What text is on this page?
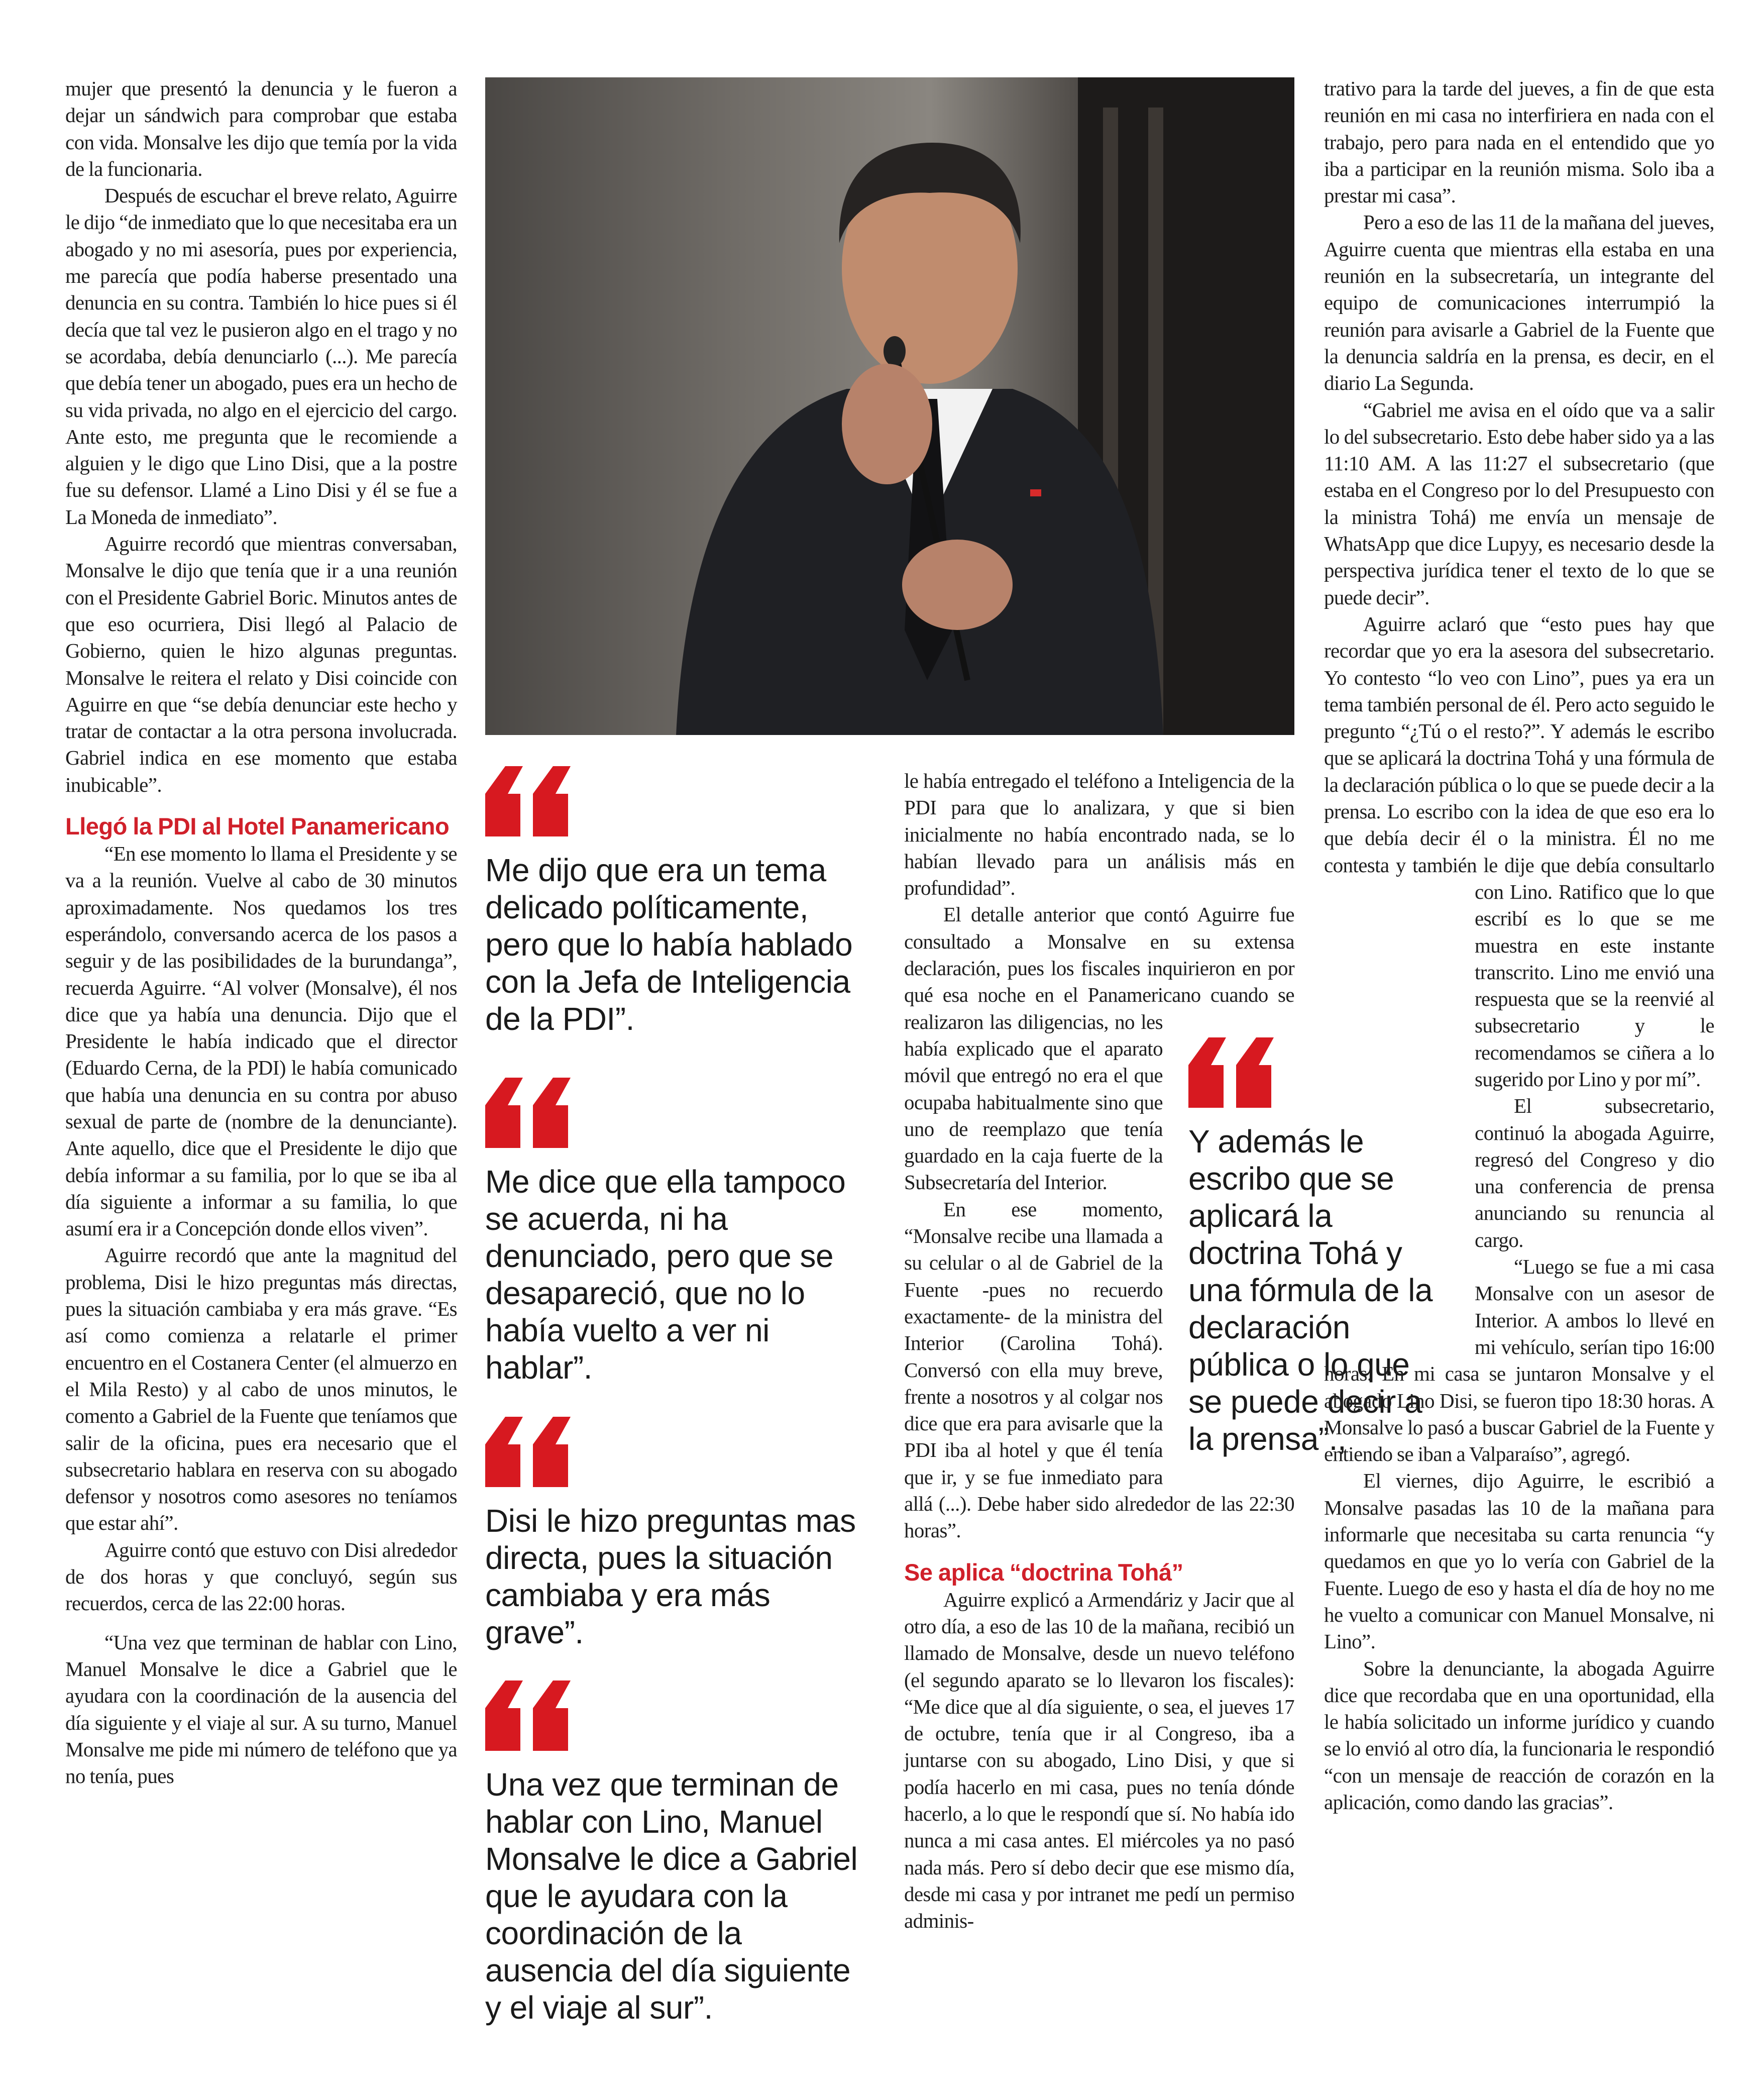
mujer que presentó la denuncia y le fueron a dejar un sándwich para comprobar que estaba con vida. Monsalve les dijo que temía por la vida de la funcionaria.

Después de escuchar el breve relato, Aguirre le dijo “de inmediato que lo que necesitaba era un abogado y no mi asesoría, pues por experiencia, me parecía que podía haberse presentado una denuncia en su contra. También lo hice pues si él decía que tal vez le pusieron algo en el trago y no se acordaba, debía denunciarlo (...). Me parecía que debía tener un abogado, pues era un hecho de su vida privada, no algo en el ejercicio del cargo. Ante esto, me pregunta que le recomiende a alguien y le digo que Lino Disi, que a la postre fue su defensor. Llamé a Lino Disi y él se fue a La Moneda de inmediato”.

Aguirre recordó que mientras conversaban, Monsalve le dijo que tenía que ir a una reunión con el Presidente Gabriel Boric. Minutos antes de que eso ocurriera, Disi llegó al Palacio de Gobierno, quien le hizo algunas preguntas. Monsalve le reitera el relato y Disi coincide con Aguirre en que “se debía denunciar este hecho y tratar de contactar a la otra persona involucrada. Gabriel indica en ese momento que estaba inubicable”.

Llegó la PDI al Hotel Panamericano

“En ese momento lo llama el Presidente y se va a la reunión. Vuelve al cabo de 30 minutos aproximadamente. Nos quedamos los tres esperándolo, conversando acerca de los pasos a seguir y de las posibilidades de la burundanga”, recuerda Aguirre. “Al volver (Monsalve), él nos dice que ya había una denuncia. Dijo que el Presidente le había indicado que el director (Eduardo Cerna, de la PDI) le había comunicado que había una denuncia en su contra por abuso sexual de parte de (nombre de la denunciante). Ante aquello, dice que el Presidente le dijo que debía informar a su familia, por lo que se iba al día siguiente a informar a su familia, lo que asumí era ir a Concepción donde ellos viven”.

Aguirre recordó que ante la magnitud del problema, Disi le hizo preguntas más directas, pues la situación cambiaba y era más grave. “Es así como comienza a relatarle el primer encuentro en el Costanera Center (el almuerzo en el Mila Resto) y al cabo de unos minutos, le comento a Gabriel de la Fuente que teníamos que salir de la oficina, pues era necesario que el subsecretario hablara en reserva con su abogado defensor y nosotros como asesores no teníamos que estar ahí”.

Aguirre contó que estuvo con Disi alrededor de dos horas y que concluyó, según sus recuerdos, cerca de las 22:00 horas.

“Una vez que terminan de hablar con Lino, Manuel Monsalve le dice a Gabriel que le ayudara con la coordinación de la ausencia del día siguiente y el viaje al sur. A su turno, Manuel Monsalve me pide mi número de teléfono que ya no tenía, pues

Me dijo que era un tema delicado políticamente, pero que lo había hablado con la Jefa de Inteligencia de la PDI”.
Me dice que ella tampoco se acuerda, ni ha denunciado, pero que se desapareció, que no lo había vuelto a ver ni hablar”.
Disi le hizo preguntas mas directa, pues la situación cambiaba y era más grave”.
Una vez que terminan de hablar con Lino, Manuel Monsalve le dice a Gabriel que le ayudara con la coordinación de la ausencia del día siguiente y el viaje al sur”.
Y además le escribo que se aplicará la doctrina Tohá y una fórmula de la declaración pública o lo que se puede decir a la prensa”.,

le había entregado el teléfono a Inteligencia de la PDI para que lo analizara, y que si bien inicialmente no había encontrado nada, se lo habían llevado para un análisis más en profundidad”.

El detalle anterior que contó Aguirre fue consultado a Monsalve en su extensa declaración, pues los fiscales inquirieron en por qué esa noche en el Panamericano
cuando se realizaron las diligencias, no les había explicado que el aparato móvil que entregó no era el que ocupaba habitualmente sino que uno de reemplazo que tenía guardado en la caja fuerte de la Subsecretaría del Interior.

En ese momento, “Monsalve recibe una llamada a su celular o al de Gabriel de la Fuente -pues no recuerdo exactamente- de la ministra del Interior (Carolina Tohá). Conversó con ella muy breve, frente a nosotros y al colgar nos dice que era para avisarle que la PDI iba al hotel y que él tenía que ir, y se fue inmediato para allá (...). Debe haber sido alrededor de las 22:30 horas”.

Se aplica “doctrina Tohá”

Aguirre explicó a Armendáriz y Jacir que al otro día, a eso de las 10 de la mañana, recibió un llamado de Monsalve, desde un nuevo teléfono (el segundo aparato se lo llevaron los fiscales): “Me dice que al día siguiente, o sea, el jueves 17 de octubre, tenía que ir al Congreso, iba a juntarse con su abogado, Lino Disi, y que si podía hacerlo en mi casa, pues no tenía dónde hacerlo, a lo que le respondí que sí. No había ido nunca a mi casa antes. El miércoles ya no pasó nada más. Pero sí debo decir que ese mismo día, desde mi casa y por intranet me pedí un permiso adminis-

trativo para la tarde del jueves, a fin de que esta reunión en mi casa no interfiriera en nada con el trabajo, pero para nada en el entendido que yo iba a participar en la reunión misma. Solo iba a prestar mi casa”.

Pero a eso de las 11 de la mañana del jueves, Aguirre cuenta que mientras ella estaba en una reunión en la subsecretaría, un integrante del equipo de comunicaciones interrumpió la reunión para avisarle a Gabriel de la Fuente que la denuncia saldría en la prensa, es decir, en el diario La Segunda.

“Gabriel me avisa en el oído que va a salir lo del subsecretario. Esto debe haber sido ya a las 11:10 AM. A las 11:27 el subsecretario (que estaba en el Congreso por lo del Presupuesto con la ministra Tohá) me envía un mensaje de WhatsApp que dice Lupyy, es necesario desde la perspectiva jurídica tener el texto de lo que se puede decir”.

Aguirre aclaró que “esto pues hay que recordar que yo era la asesora del subsecretario. Yo contesto “lo veo con Lino”, pues ya era un tema también personal de él. Pero acto seguido le pregunto “¿Tú o el resto?”. Y además le escribo que se aplicará la doctrina Tohá y una fórmula de la declaración pública o lo que se puede decir a la prensa. Lo escribo con la idea de que eso era lo que debía decir él o la ministra. Él no me contesta y también le dije que debía consultarlo con Lino. Ratifico que lo
que escribí es lo que se me muestra en este instante transcrito. Lino me envió una respuesta que se la reenvié al subsecretario y le recomendamos se ciñera a lo sugerido por Lino y por mí”.

El subsecretario, continuó la abogada Aguirre, regresó del Congreso y dio una conferencia de prensa anunciando su renuncia al cargo.

“Luego se fue a mi casa Monsalve con un asesor de Interior. A ambos lo llevé en mi vehículo, serían tipo 16:00 horas. En mi casa se juntaron Monsalve y el abogado Lino Disi, se fueron tipo 18:30 horas. A Monsalve lo pasó a buscar Gabriel de la Fuente y entiendo se iban a Valparaíso”, agregó.

El viernes, dijo Aguirre, le escribió a Monsalve pasadas las 10 de la mañana para informarle que necesitaba su carta renuncia “y quedamos en que yo lo vería con Gabriel de la Fuente. Luego de eso y hasta el día de hoy no me he vuelto a comunicar con Manuel Monsalve, ni Lino”.

Sobre la denunciante, la abogada Aguirre dice que recordaba que en una oportunidad, ella le había solicitado un informe jurídico y cuando se lo envió al otro día, la funcionaria le respondió “con un mensaje de reacción de corazón en la aplicación, como dando las gracias”.
